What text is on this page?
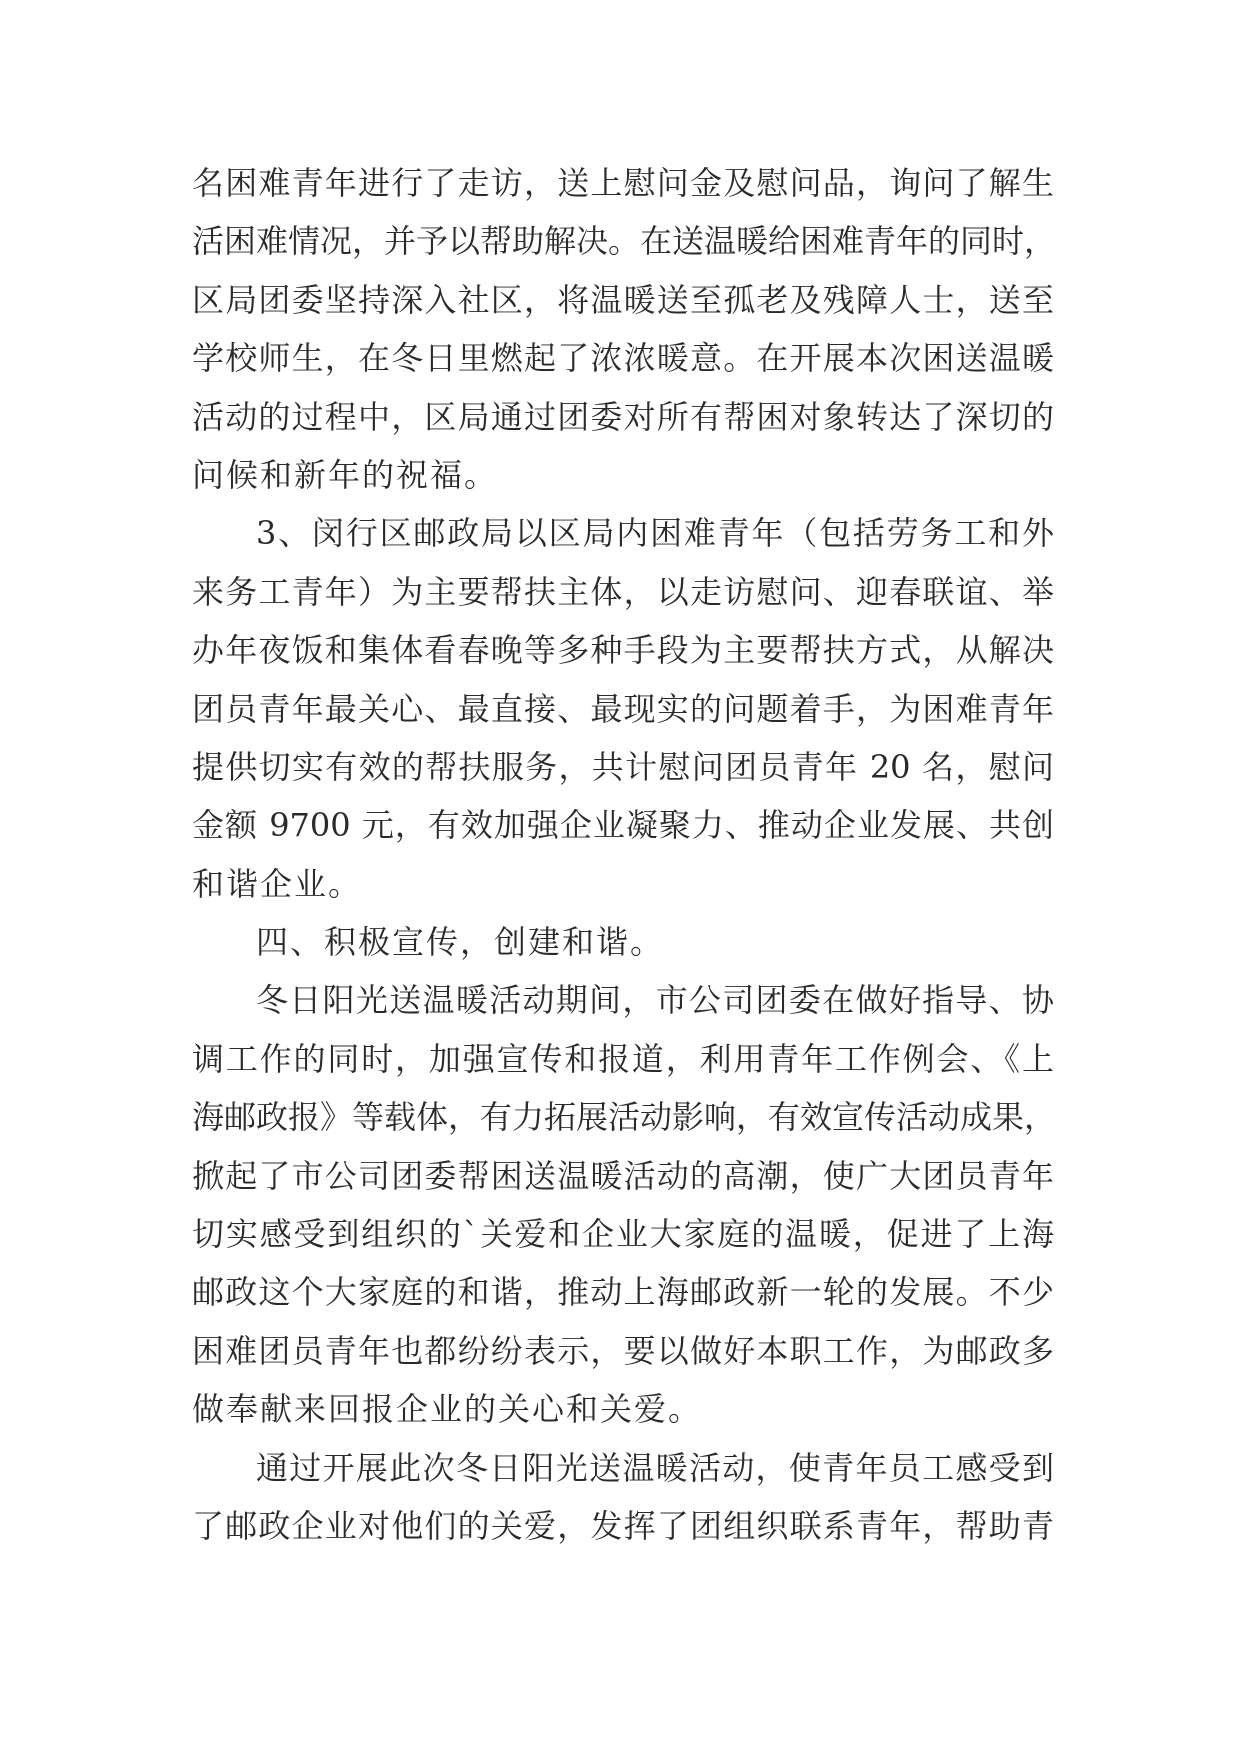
名困难青年进行了走访，送上慰问金及慰问品，询问了解生
活困难情况，并予以帮助解决。在送温暖给困难青年的同时，
区局团委坚持深入社区，将温暖送至孤老及残障人士，送至
学校师生，在冬日里燃起了浓浓暖意。在开展本次困送温暖
活动的过程中，区局通过团委对所有帮困对象转达了深切的
问候和新年的祝福。
3、闵行区邮政局以区局内困难青年（包括劳务工和外
来务工青年）为主要帮扶主体，以走访慰问、迎春联谊、举
办年夜饭和集体看春晚等多种手段为主要帮扶方式，从解决
团员青年最关心、最直接、最现实的问题着手，为困难青年
提供切实有效的帮扶服务，共计慰问团员青年 20 名，慰问
金额 9700 元，有效加强企业凝聚力、推动企业发展、共创
和谐企业。
四、积极宣传，创建和谐。
冬日阳光送温暖活动期间，市公司团委在做好指导、协
调工作的同时，加强宣传和报道，利用青年工作例会、《上
海邮政报》等载体，有力拓展活动影响，有效宣传活动成果，
掀起了市公司团委帮困送温暖活动的高潮，使广大团员青年
切实感受到组织的`关爱和企业大家庭的温暖，促进了上海
邮政这个大家庭的和谐，推动上海邮政新一轮的发展。不少
困难团员青年也都纷纷表示，要以做好本职工作，为邮政多
做奉献来回报企业的关心和关爱。
通过开展此次冬日阳光送温暖活动，使青年员工感受到
了邮政企业对他们的关爱，发挥了团组织联系青年，帮助青
